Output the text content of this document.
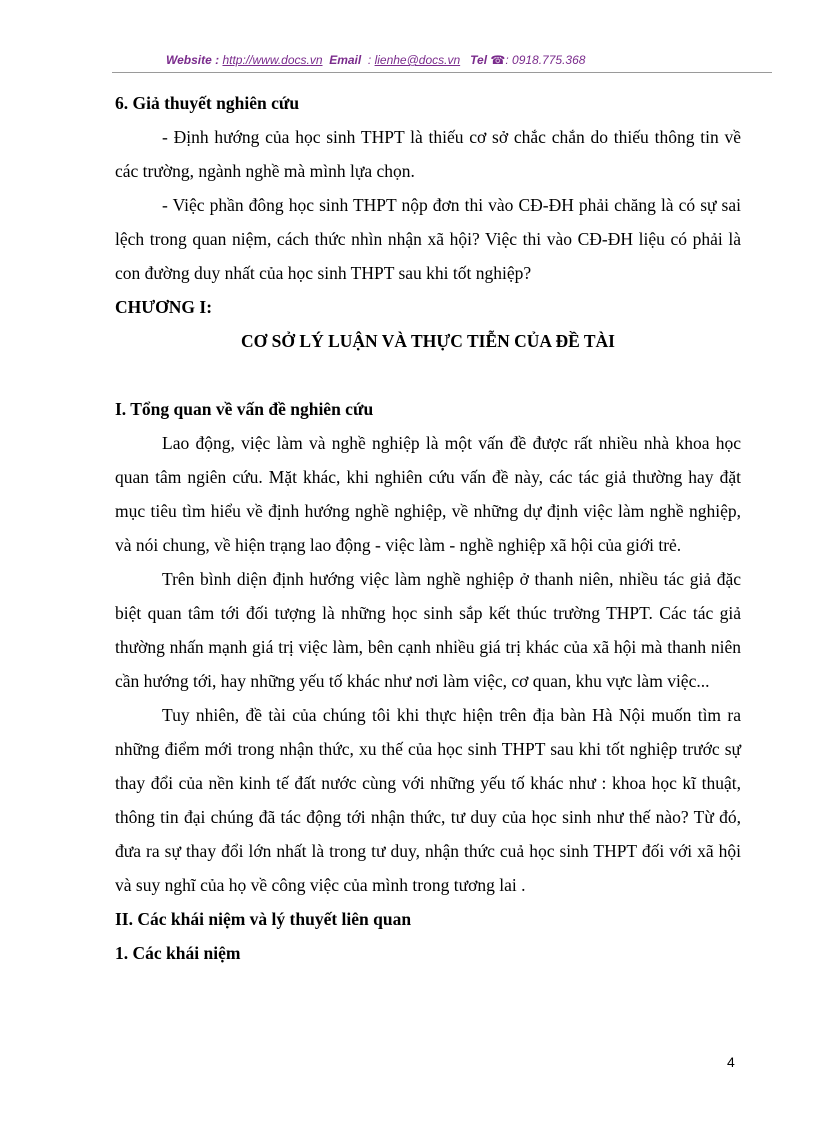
Website : http://www.docs.vn Email : lienhe@docs.vn Tel ☎: 0918.775.368

6. Giả thuyết nghiên cứu

- Định hướng của học sinh THPT là thiếu cơ sở chắc chắn do thiếu thông tin về các trường, ngành nghề mà mình lựa chọn.

- Việc phần đông học sinh THPT nộp đơn thi vào CĐ-ĐH phải chăng là có sự sai lệch trong quan niệm, cách thức nhìn nhận xã hội? Việc thi vào CĐ-ĐH liệu có phải là con đường duy nhất của học sinh THPT sau khi tốt nghiệp?

CHƯƠNG I:

CƠ SỞ LÝ LUẬN VÀ THỰC TIỄN CỦA ĐỀ TÀI

I. Tổng quan về vấn đề nghiên cứu

Lao động, việc làm và nghề nghiệp là một vấn đề được rất nhiều nhà khoa học quan tâm ngiên cứu. Mặt khác, khi nghiên cứu vấn đề này, các tác giả thường hay đặt mục tiêu tìm hiểu về định hướng nghề nghiệp, về những dự định việc làm nghề nghiệp, và nói chung, về hiện trạng lao động - việc làm - nghề nghiệp xã hội của giới trẻ.

Trên bình diện định hướng việc làm nghề nghiệp ở thanh niên, nhiều tác giả đặc biệt quan tâm tới đối tượng là những học sinh sắp kết thúc trường THPT. Các tác giả thường nhấn mạnh giá trị việc làm, bên cạnh nhiều giá trị khác của xã hội mà thanh niên cần hướng tới, hay những yếu tố khác như nơi làm việc, cơ quan, khu vực làm việc...

Tuy nhiên, đề tài của chúng tôi khi thực hiện trên địa bàn Hà Nội muốn tìm ra những điểm mới trong nhận thức, xu thế của học sinh THPT sau khi tốt nghiệp trước sự thay đổi của nền kinh tế đất nước cùng với những yếu tố khác như : khoa học kĩ thuật, thông tin đại chúng đã tác động tới nhận thức, tư duy của học sinh như thế nào? Từ đó, đưa ra sự thay đổi lớn nhất là trong tư duy, nhận thức cuả học sinh THPT đối với xã hội và suy nghĩ của họ về công việc của mình trong tương lai .

II. Các khái niệm và lý thuyết liên quan

1. Các khái niệm

4
